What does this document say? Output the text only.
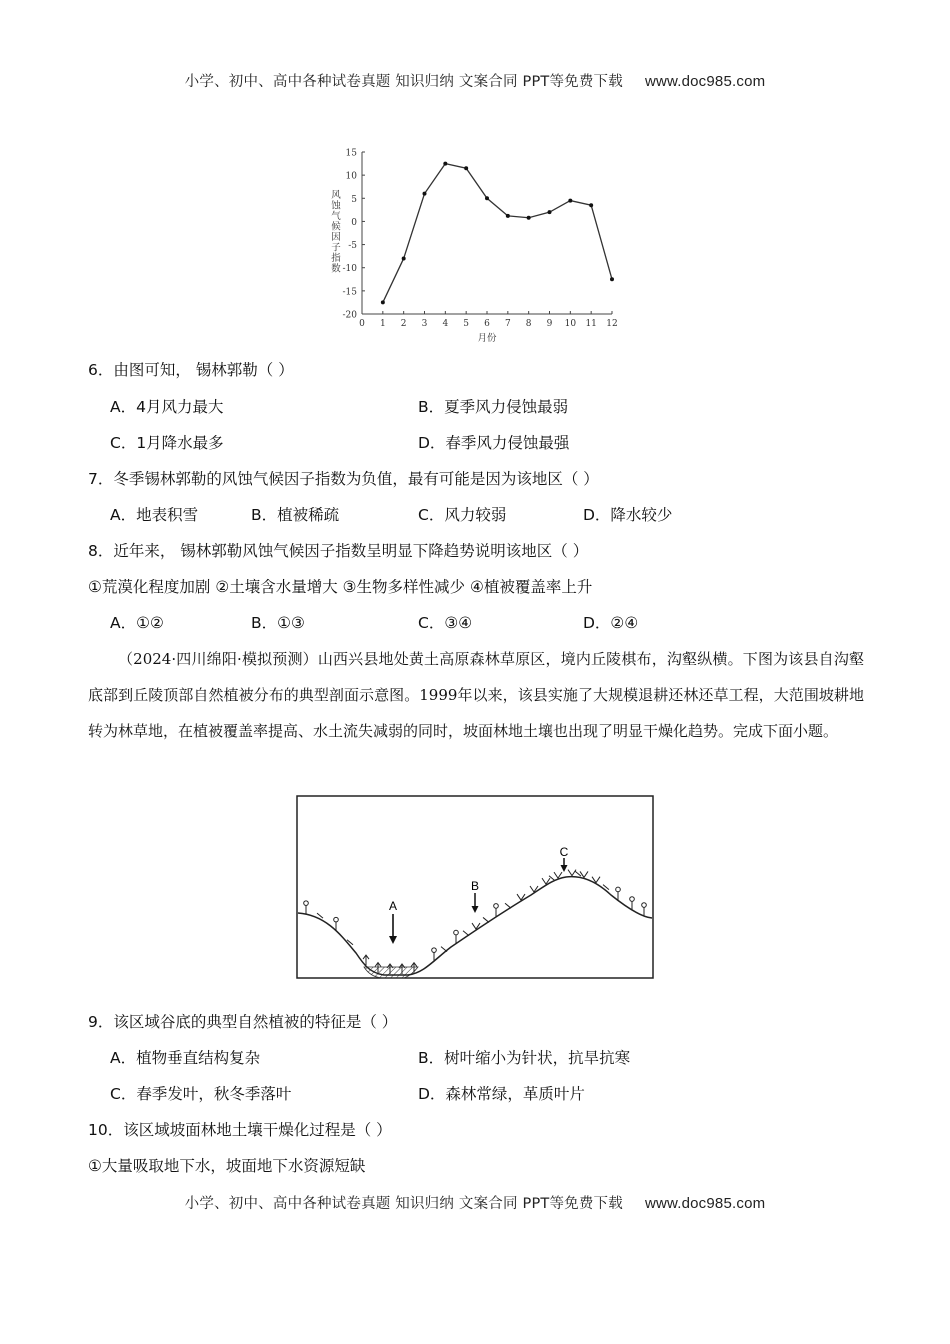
小学、初中、高中各种试卷真题 知识归纳 文案合同 PPT等免费下载 www.doc985.com
15
10
5
0
-5
-10
-15
-20
0 1 2 3 4 5 6 7 8 9 10 11 12
风
蚀
气
候
因
子
指
数
月份
6．由图可知， 锡林郭勒（ ）
A．4月风力最大	B．夏季风力侵蚀最弱
C．1月降水最多	D．春季风力侵蚀最强
7．冬季锡林郭勒的风蚀气候因子指数为负值，最有可能是因为该地区（ ）
A．地表积雪	B．植被稀疏	C．风力较弱	D．降水较少
8．近年来， 锡林郭勒风蚀气候因子指数呈明显下降趋势说明该地区（ ）
①荒漠化程度加剧 ②土壤含水量增大 ③生物多样性减少 ④植被覆盖率上升
A．①②	B．①③	C．③④	D．②④
（2024·四川绵阳·模拟预测）山西兴县地处黄土高原森林草原区，境内丘陵棋布，沟壑纵横。下图为该县自沟壑底部到丘陵顶部自然植被分布的典型剖面示意图。1999年以来，该县实施了大规模退耕还林还草工程，大范围坡耕地转为林草地，在植被覆盖率提高、水土流失减弱的同时，坡面林地土壤也出现了明显干燥化趋势。完成下面小题。
A
B
C
9．该区域谷底的典型自然植被的特征是（ ）
A．植物垂直结构复杂	B．树叶缩小为针状，抗旱抗寒
C．春季发叶，秋冬季落叶	D．森林常绿，革质叶片
10．该区域坡面林地土壤干燥化过程是（ ）
①大量吸取地下水，坡面地下水资源短缺
小学、初中、高中各种试卷真题 知识归纳 文案合同 PPT等免费下载 www.doc985.com
